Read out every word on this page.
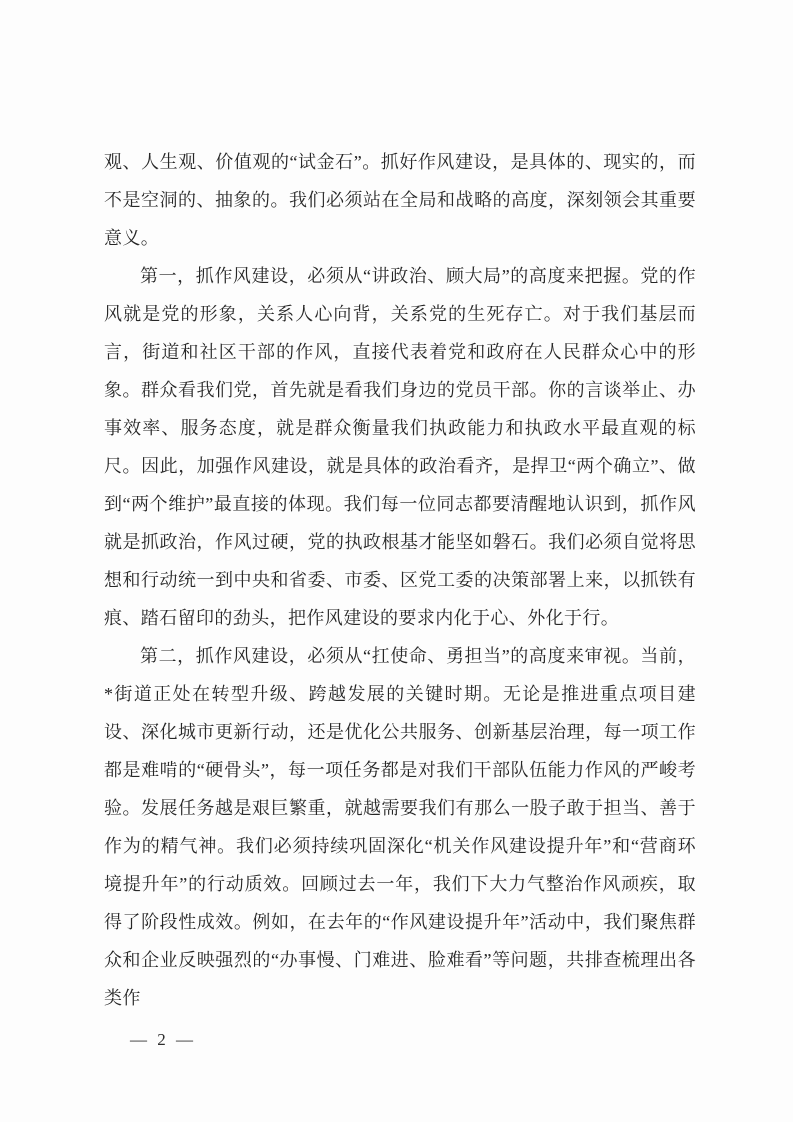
观、人生观、价值观的“试金石”。抓好作风建设，是具体的、现实的，而不是空洞的、抽象的。我们必须站在全局和战略的高度，深刻领会其重要意义。

第一，抓作风建设，必须从“讲政治、顾大局”的高度来把握。党的作风就是党的形象，关系人心向背，关系党的生死存亡。对于我们基层而言，街道和社区干部的作风，直接代表着党和政府在人民群众心中的形象。群众看我们党，首先就是看我们身边的党员干部。你的言谈举止、办事效率、服务态度，就是群众衡量我们执政能力和执政水平最直观的标尺。因此，加强作风建设，就是具体的政治看齐，是捍卫“两个确立”、做到“两个维护”最直接的体现。我们每一位同志都要清醒地认识到，抓作风就是抓政治，作风过硬，党的执政根基才能坚如磐石。我们必须自觉将思想和行动统一到中央和省委、市委、区党工委的决策部署上来，以抓铁有痕、踏石留印的劲头，把作风建设的要求内化于心、外化于行。

第二，抓作风建设，必须从“扛使命、勇担当”的高度来审视。当前，*街道正处在转型升级、跨越发展的关键时期。无论是推进重点项目建设、深化城市更新行动，还是优化公共服务、创新基层治理，每一项工作都是难啃的“硬骨头”，每一项任务都是对我们干部队伍能力作风的严峻考验。发展任务越是艰巨繁重，就越需要我们有那么一股子敢于担当、善于作为的精气神。我们必须持续巩固深化“机关作风建设提升年”和“营商环境提升年”的行动质效。回顾过去一年，我们下大力气整治作风顽疾，取得了阶段性成效。例如，在去年的“作风建设提升年”活动中，我们聚焦群众和企业反映强烈的“办事慢、门难进、脸难看”等问题，共排查梳理出各类作

— 2 —
